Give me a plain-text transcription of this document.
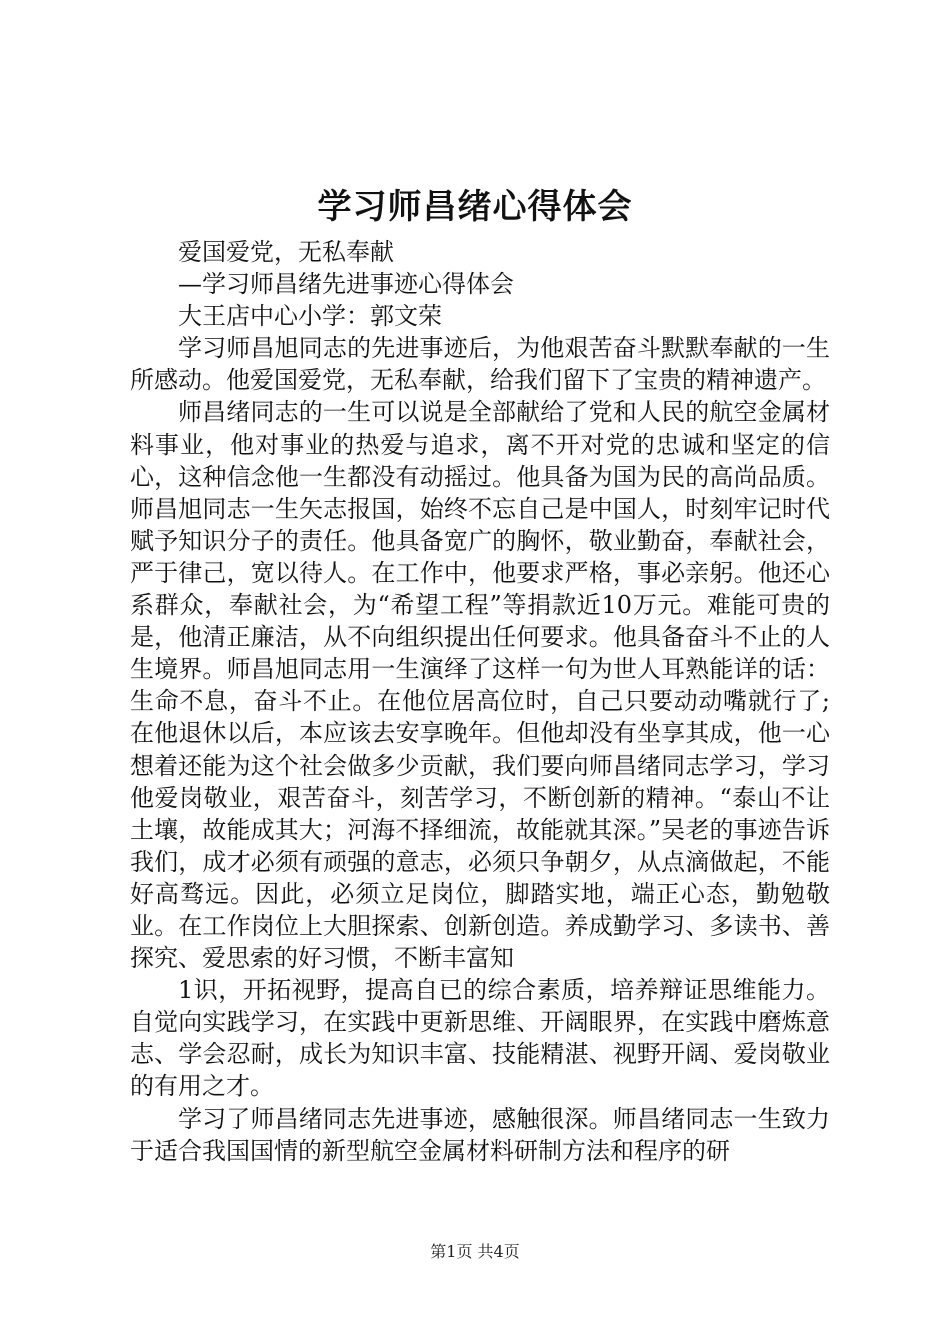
学习师昌绪心得体会

爱国爱党，无私奉献

—学习师昌绪先进事迹心得体会

大王店中心小学：郭文荣

学习师昌旭同志的先进事迹后，为他艰苦奋斗默默奉献的一生所感动。他爱国爱党，无私奉献，给我们留下了宝贵的精神遗产。

师昌绪同志的一生可以说是全部献给了党和人民的航空金属材料事业，他对事业的热爱与追求，离不开对党的忠诚和坚定的信心，这种信念他一生都没有动摇过。他具备为国为民的高尚品质。师昌旭同志一生矢志报国，始终不忘自己是中国人，时刻牢记时代赋予知识分子的责任。他具备宽广的胸怀，敬业勤奋，奉献社会，严于律己，宽以待人。在工作中，他要求严格，事必亲躬。他还心系群众，奉献社会，为“希望工程”等捐款近10万元。难能可贵的是，他清正廉洁，从不向组织提出任何要求。他具备奋斗不止的人生境界。师昌旭同志用一生演绎了这样一句为世人耳熟能详的话：生命不息，奋斗不止。在他位居高位时，自己只要动动嘴就行了;在他退休以后，本应该去安享晚年。但他却没有坐享其成，他一心想着还能为这个社会做多少贡献，我们要向师昌绪同志学习，学习他爱岗敬业，艰苦奋斗，刻苦学习，不断创新的精神。“泰山不让土壤，故能成其大；河海不择细流，故能就其深。”吴老的事迹告诉我们，成才必须有顽强的意志，必须只争朝夕，从点滴做起，不能好高骛远。因此，必须立足岗位，脚踏实地，端正心态，勤勉敬业。在工作岗位上大胆探索、创新创造。养成勤学习、多读书、善探究、爱思索的好习惯，不断丰富知

1识，开拓视野，提高自已的综合素质，培养辩证思维能力。自觉向实践学习，在实践中更新思维、开阔眼界，在实践中磨炼意志、学会忍耐，成长为知识丰富、技能精湛、视野开阔、爱岗敬业的有用之才。

学习了师昌绪同志先进事迹，感触很深。师昌绪同志一生致力于适合我国国情的新型航空金属材料研制方法和程序的研

第1页 共4页
